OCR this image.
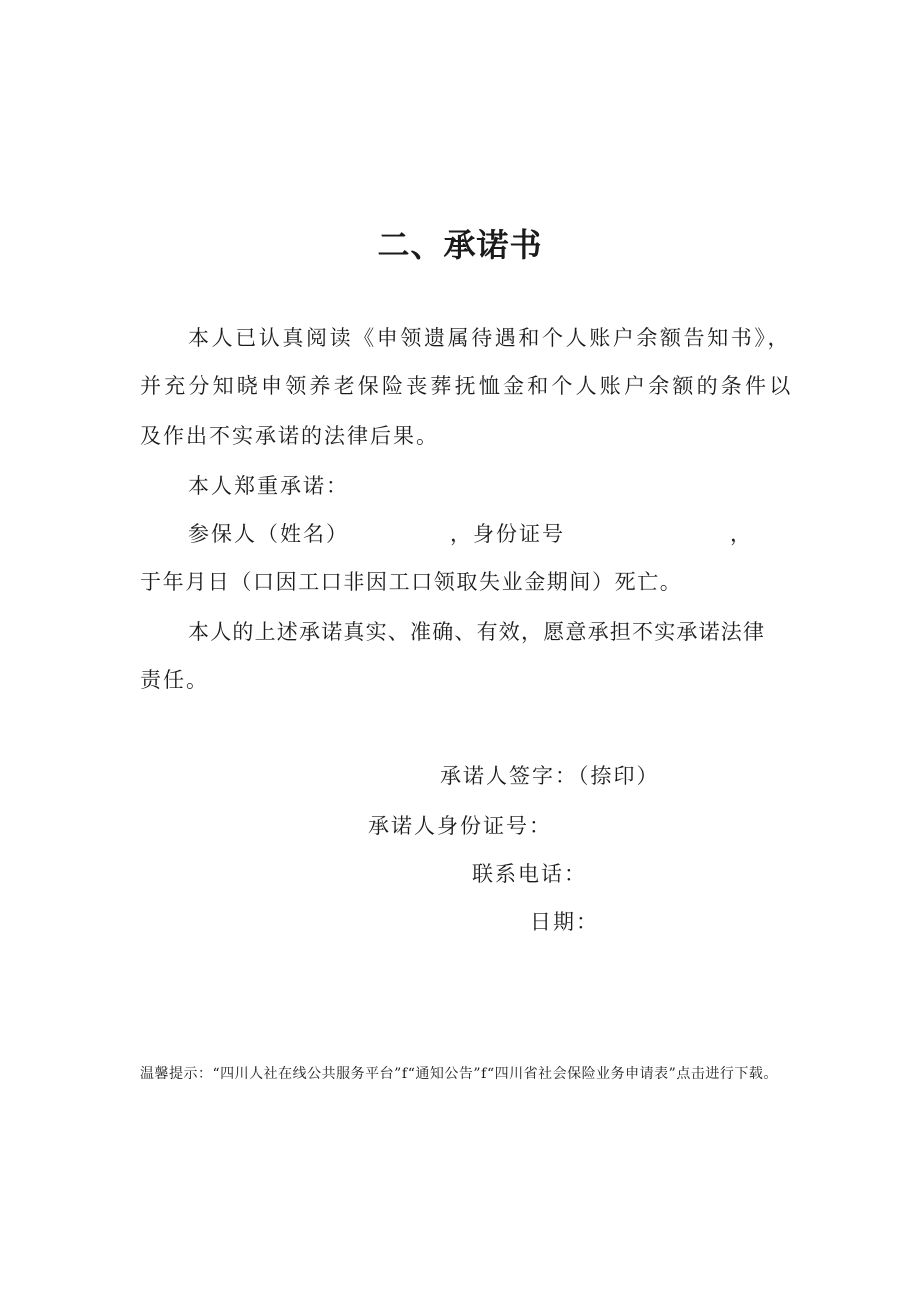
二、承诺书
本人已认真阅读《申领遗属待遇和个人账户余额告知书》，
并充分知晓申领养老保险丧葬抚恤金和个人账户余额的条件以
及作出不实承诺的法律后果。
本人郑重承诺：
参保人（姓名）	，身份证号	，
于年月日（口因工口非因工口领取失业金期间）死亡。
本人的上述承诺真实、准确、有效，愿意承担不实承诺法律
责任。
承诺人签字：（捺印）
承诺人身份证号：
联系电话：
日期：
温馨提示：“四川人社在线公共服务平台”f“通知公告”f“四川省社会保险业务申请表”点击进行下载。
